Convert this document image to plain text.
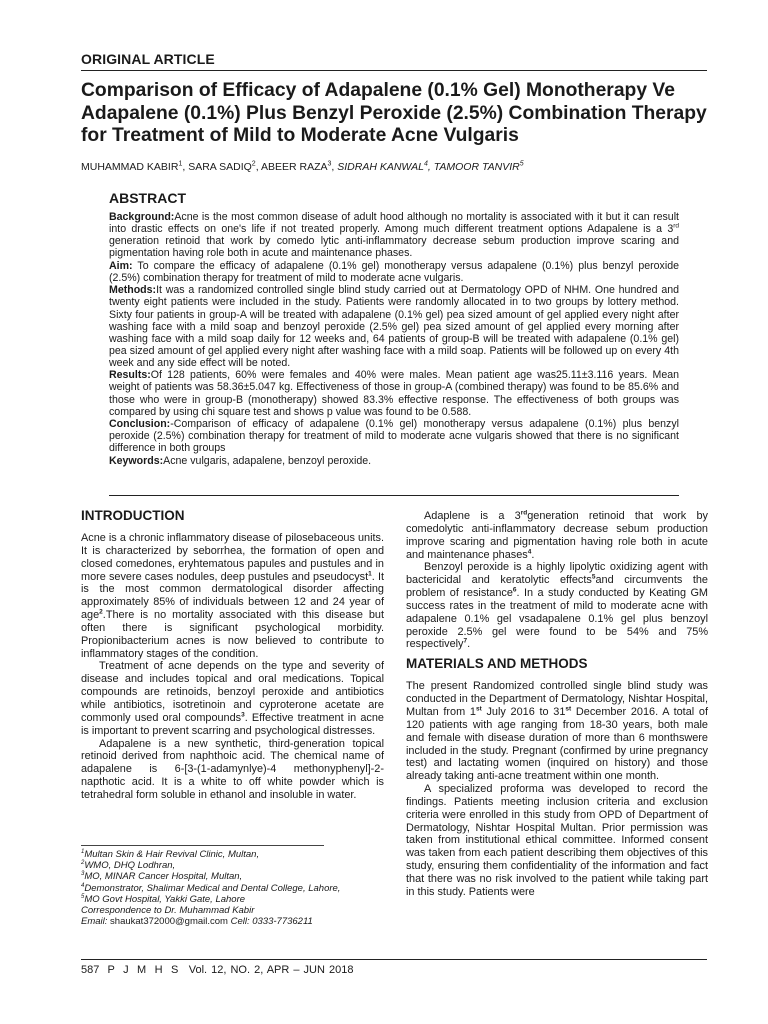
ORIGINAL ARTICLE
Comparison of Efficacy of Adapalene (0.1% Gel) Monotherapy Ve
Adapalene (0.1%) Plus Benzyl Peroxide (2.5%) Combination Therapy
for Treatment of Mild to Moderate Acne Vulgaris
MUHAMMAD KABIR$^1$, SARA SADIQ$^2$, ABEER RAZA$^3$, SIDRAH KANWAL$^4$, TAMOOR TANVIR$^5$
ABSTRACT

Background:Acne is the most common disease of adult hood although no mortality is associated with it but it can result into drastic effects on one's life if not treated properly. Among much different treatment options Adapalene is a 3rd generation retinoid that work by comedo lytic anti-inflammatory decrease sebum production improve scaring and pigmentation having role both in acute and maintenance phases.

Aim: To compare the efficacy of adapalene (0.1% gel) monotherapy versus adapalene (0.1%) plus benzyl peroxide (2.5%) combination therapy for treatment of mild to moderate acne vulgaris.

Methods:It was a randomized controlled single blind study carried out at Dermatology OPD of NHM. One hundred and twenty eight patients were included in the study. Patients were randomly allocated in to two groups by lottery method. Sixty four patients in group-A will be treated with adapalene (0.1% gel) pea sized amount of gel applied every night after washing face with a mild soap and benzoyl peroxide (2.5% gel) pea sized amount of gel applied every morning after washing face with a mild soap daily for 12 weeks and, 64 patients of group-B will be treated with adapalene (0.1% gel) pea sized amount of gel applied every night after washing face with a mild soap. Patients will be followed up on every 4th week and any side effect will be noted.

Results:Of 128 patients, 60% were females and 40% were males. Mean patient age was25.11±3.116 years. Mean weight of patients was 58.36±5.047 kg. Effectiveness of those in group-A (combined therapy) was found to be 85.6% and those who were in group-B (monotherapy) showed 83.3% effective response. The effectiveness of both groups was compared by using chi square test and shows p value was found to be 0.588.

Conclusion:-Comparison of efficacy of adapalene (0.1% gel) monotherapy versus adapalene (0.1%) plus benzyl peroxide (2.5%) combination therapy for treatment of mild to moderate acne vulgaris showed that there is no significant difference in both groups

Keywords:Acne vulgaris, adapalene, benzoyl peroxide.

INTRODUCTION

Acne is a chronic inflammatory disease of pilosebaceous units. It is characterized by seborrhea, the formation of open and closed comedones, eryhtematous papules and pustules and in more severe cases nodules, deep pustules and pseudocyst$^1$. It is the most common dermatological disorder affecting approximately 85% of individuals between 12 and 24 year of age$^2$.There is no mortality associated with this disease but often there is significant psychological morbidity. Propionibacterium acnes is now believed to contribute to inflammatory stages of the condition.

Treatment of acne depends on the type and severity of disease and includes topical and oral medications. Topical compounds are retinoids, benzoyl peroxide and antibiotics while antibiotics, isotretinoin and cyproterone acetate are commonly used oral compounds$^3$. Effective treatment in acne is important to prevent scarring and psychological distresses.

Adapalene is a new synthetic, third-generation topical retinoid derived from naphthoic acid. The chemical name of adapalene is 6-[3-(1-adamynlye)-4 methonyphenyl]-2-napthotic acid. It is a white to off white powder which is tetrahedral form soluble in ethanol and insoluble in water.

$^1$Multan Skin & Hair Revival Clinic, Multan,
$^2$WMO, DHQ Lodhran,
$^3$MO, MINAR Cancer Hospital, Multan,
$^4$Demonstrator, Shalimar Medical and Dental College, Lahore,
$^5$MO Govt Hospital, Yakki Gate, Lahore
Correspondence to Dr. Muhammad Kabir
Email: shaukat372000@gmail.com Cell: 0333-7736211

Adaplene is a 3rdgeneration retinoid that work by comedolytic anti-inflammatory decrease sebum production improve scaring and pigmentation having role both in acute and maintenance phases$^4$.

Benzoyl peroxide is a highly lipolytic oxidizing agent with bactericidal and keratolytic effects$^5$and circumvents the problem of resistance$^6$. In a study conducted by Keating GM success rates in the treatment of mild to moderate acne with adapalene 0.1% gel vsadapalene 0.1% gel plus benzoyl peroxide 2.5% gel were found to be 54% and 75% respectively$^7$.

MATERIALS AND METHODS

The present Randomized controlled single blind study was conducted in the Department of Dermatology, Nishtar Hospital, Multan from 1st July 2016 to 31st December 2016. A total of 120 patients with age ranging from 18-30 years, both male and female with disease duration of more than 6 monthswere included in the study. Pregnant (confirmed by urine pregnancy test) and lactating women (inquired on history) and those already taking anti-acne treatment within one month.

A specialized proforma was developed to record the findings. Patients meeting inclusion criteria and exclusion criteria were enrolled in this study from OPD of Department of Dermatology, Nishtar Hospital Multan. Prior permission was taken from institutional ethical committee. Informed consent was taken from each patient describing them objectives of this study, ensuring them confidentiality of the information and fact that there was no risk involved to the patient while taking part in this study. Patients were

587 P J M H S Vol. 12, NO. 2, APR – JUN 2018
